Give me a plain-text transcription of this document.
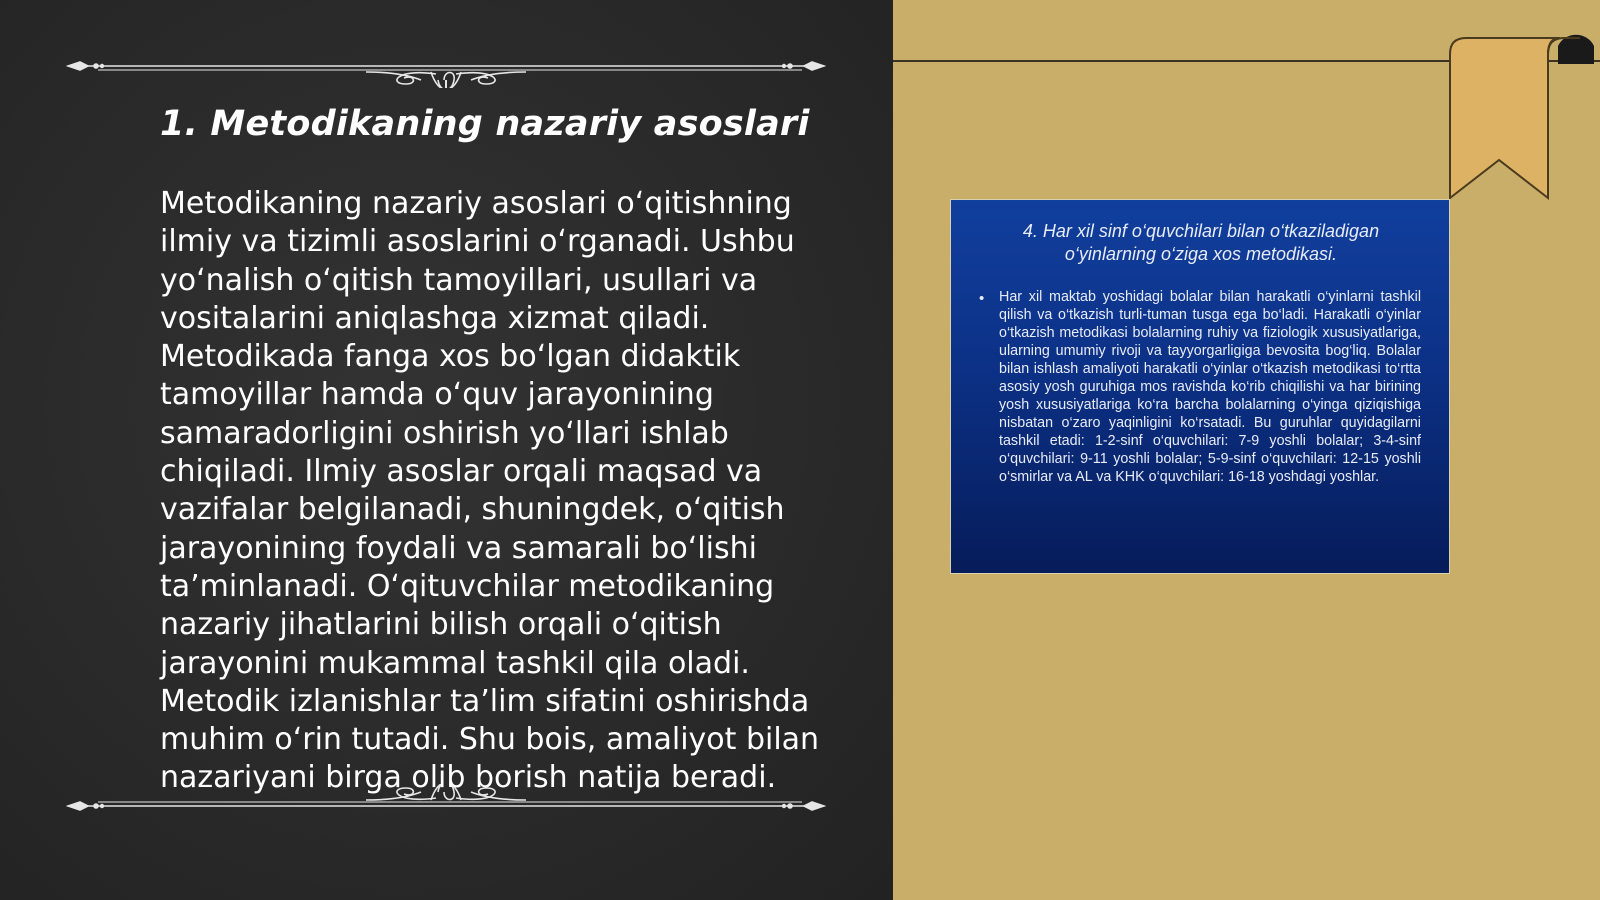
1. Metodikaning nazariy asoslari

Metodikaning nazariy asoslari o‘qitishning ilmiy va tizimli asoslarini o‘rganadi. Ushbu yo‘nalish o‘qitish tamoyillari, usullari va vositalarini aniqlashga xizmat qiladi. Metodikada fanga xos bo‘lgan didaktik tamoyillar hamda o‘quv jarayonining samaradorligini oshirish yo‘llari ishlab chiqiladi. Ilmiy asoslar orqali maqsad va vazifalar belgilanadi, shuningdek, o‘qitish jarayonining foydali va samarali bo‘lishi ta’minlanadi. O‘qituvchilar metodikaning nazariy jihatlarini bilish orqali o‘qitish jarayonini mukammal tashkil qila oladi. Metodik izlanishlar ta’lim sifatini oshirishda muhim o‘rin tutadi. Shu bois, amaliyot bilan nazariyani birga olib borish natija beradi.

4. Har xil sinf o‘quvchilari bilan o‘tkaziladigan o‘yinlarning o‘ziga xos metodikasi.

• Har xil maktab yoshidagi bolalar bilan harakatli o‘yinlarni tashkil qilish va o‘tkazish turli-tuman tusga ega bo‘ladi. Harakatli o‘yinlar o‘tkazish metodikasi bolalarning ruhiy va fiziologik xususiyatlariga, ularning umumiy rivoji va tayyorgarligiga bevosita bog‘liq. Bolalar bilan ishlash amaliyoti harakatli o‘yinlar o‘tkazish metodikasi to‘rtta asosiy yosh guruhiga mos ravishda ko‘rib chiqilishi va har birining yosh xususiyatlariga ko‘ra barcha bolalarning o‘yinga qiziqishiga nisbatan o‘zaro yaqinligini ko‘rsatadi. Bu guruhlar quyidagilarni tashkil etadi: 1-2-sinf o‘quvchilari: 7-9 yoshli bolalar; 3-4-sinf o‘quvchilari: 9-11 yoshli bolalar; 5-9-sinf o‘quvchilari: 12-15 yoshli o‘smirlar va AL va KHK o‘quvchilari: 16-18 yoshdagi yoshlar.
